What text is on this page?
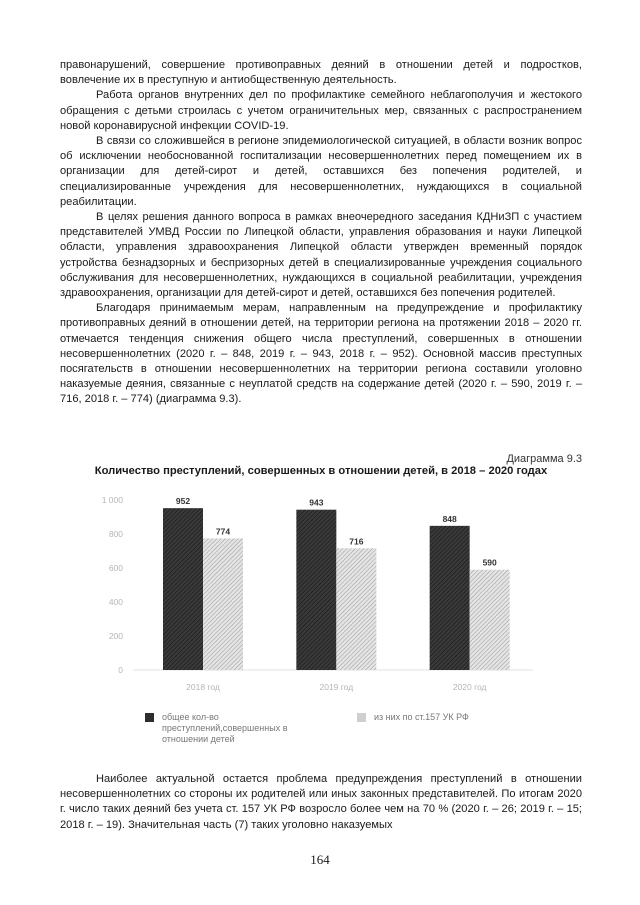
правонарушений, совершение противоправных деяний в отношении детей и подростков, вовлечение их в преступную и антиобщественную деятельность.

Работа органов внутренних дел по профилактике семейного неблагополучия и жестокого обращения с детьми строилась с учетом ограничительных мер, связанных с распространением новой коронавирусной инфекции COVID-19.

В связи со сложившейся в регионе эпидемиологической ситуацией, в области возник вопрос об исключении необоснованной госпитализации несовершеннолетних перед помещением их в организации для детей-сирот и детей, оставшихся без попечения родителей, и специализированные учреждения для несовершеннолетних, нуждающихся в социальной реабилитации.

В целях решения данного вопроса в рамках внеочередного заседания КДНиЗП с участием представителей УМВД России по Липецкой области, управления образования и науки Липецкой области, управления здравоохранения Липецкой области утвержден временный порядок устройства безнадзорных и беспризорных детей в специализированные учреждения социального обслуживания для несовершеннолетних, нуждающихся в социальной реабилитации, учреждения здравоохранения, организации для детей-сирот и детей, оставшихся без попечения родителей.

Благодаря принимаемым мерам, направленным на предупреждение и профилактику противоправных деяний в отношении детей, на территории региона на протяжении 2018 – 2020 гг. отмечается тенденция снижения общего числа преступлений, совершенных в отношении несовершеннолетних (2020 г. – 848, 2019 г. – 943, 2018 г. – 952). Основной массив преступных посягательств в отношении несовершеннолетних на территории региона составили уголовно наказуемые деяния, связанные с неуплатой средств на содержание детей (2020 г. – 590, 2019 г. – 716, 2018 г. – 774) (диаграмма 9.3).

Диаграмма 9.3
Количество преступлений, совершенных в отношении детей, в 2018 – 2020 годах
1 000
800
600
400
200
0
952
774
2018 год
943
716
2019 год
848
590
2020 год
общее кол-во преступлений,совершенных в отношении детей
из них по ст.157 УК РФ

Наиболее актуальной остается проблема предупреждения преступлений в отношении несовершеннолетних со стороны их родителей или иных законных представителей. По итогам 2020 г. число таких деяний без учета ст. 157 УК РФ возросло более чем на 70 % (2020 г. – 26; 2019 г. – 15; 2018 г. – 19). Значительная часть (7) таких уголовно наказуемых

164
